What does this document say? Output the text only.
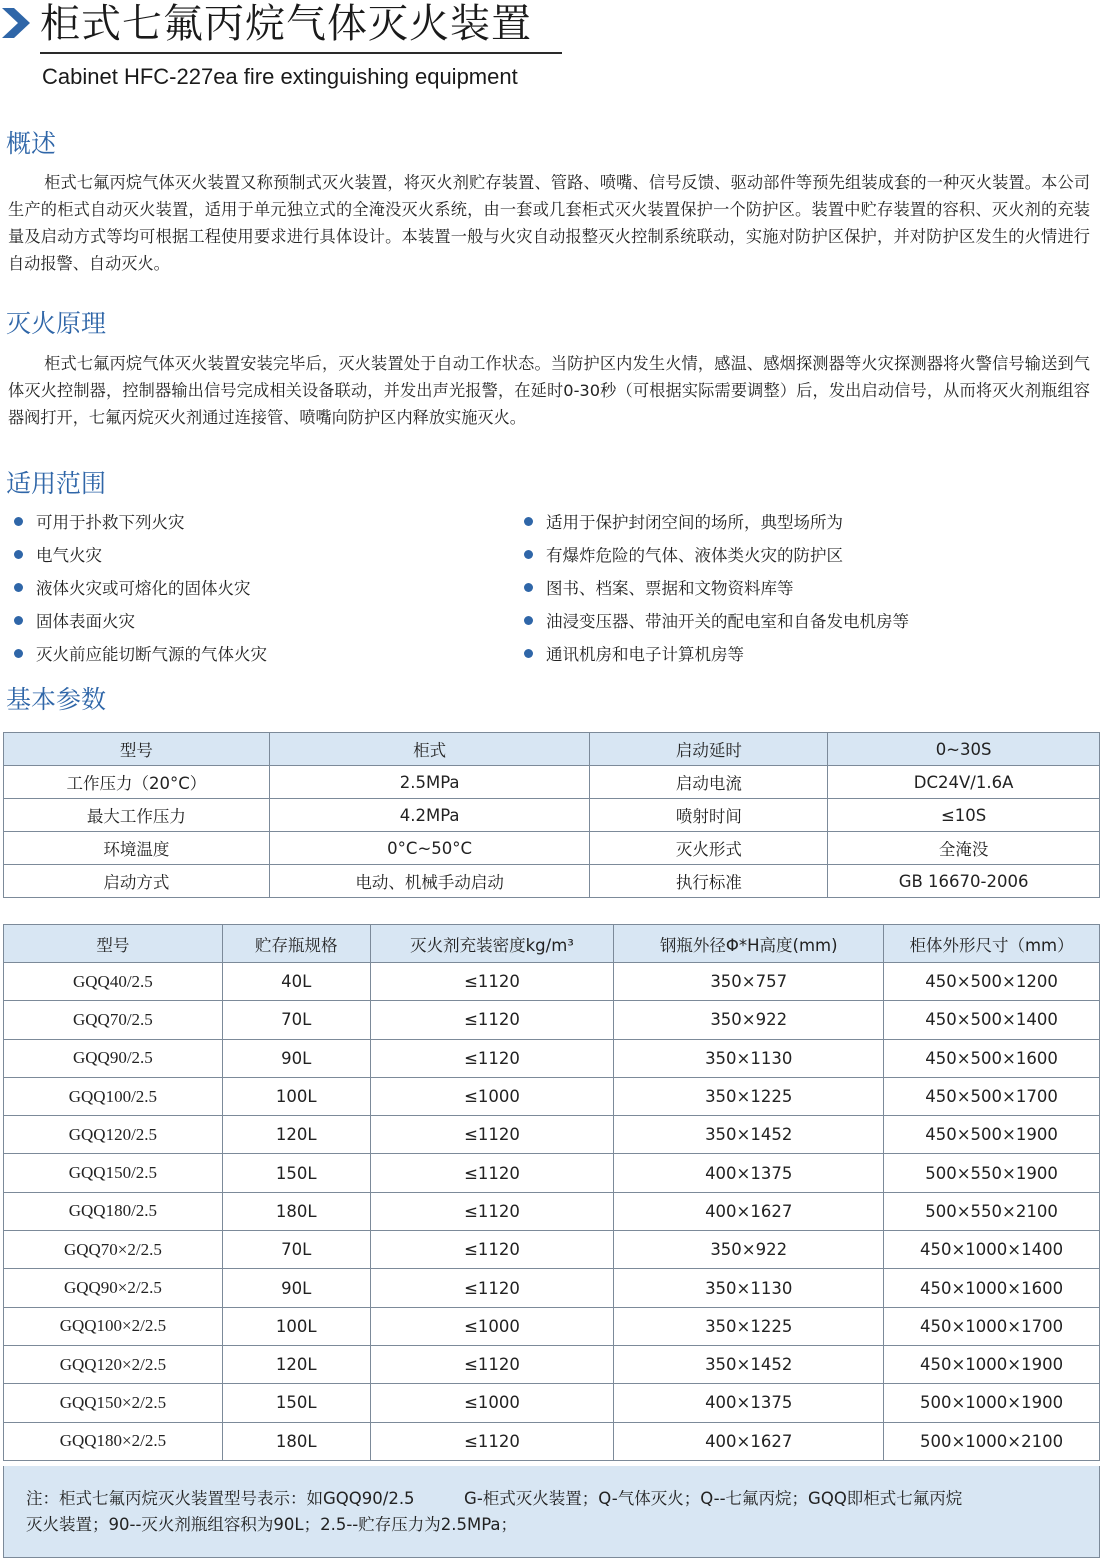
柜式七氟丙烷气体灭火装置
Cabinet HFC-227ea fire extinguishing equipment
概述
柜式七氟丙烷气体灭火装置又称预制式灭火装置，将灭火剂贮存装置、管路、喷嘴、信号反馈、驱动部件等预先组装成套的一种灭火装置。本公司生产的柜式自动灭火装置，适用于单元独立式的全淹没灭火系统，由一套或几套柜式灭火装置保护一个防护区。装置中贮存装置的容积、灭火剂的充装量及启动方式等均可根据工程使用要求进行具体设计。本装置一般与火灾自动报整灭火控制系统联动，实施对防护区保护，并对防护区发生的火情进行自动报警、自动灭火。
灭火原理
柜式七氟丙烷气体灭火装置安装完毕后，灭火装置处于自动工作状态。当防护区内发生火情，感温、感烟探测器等火灾探测器将火警信号输送到气体灭火控制器，控制器输出信号完成相关设备联动，并发出声光报警，在延时0-30秒（可根据实际需要调整）后，发出启动信号，从而将灭火剂瓶组容器阀打开，七氟丙烷灭火剂通过连接管、喷嘴向防护区内释放实施灭火。
适用范围
可用于扑救下列火灾
电气火灾
液体火灾或可熔化的固体火灾
固体表面火灾
灭火前应能切断气源的气体火灾
适用于保护封闭空间的场所，典型场所为
有爆炸危险的气体、液体类火灾的防护区
图书、档案、票据和文物资料库等
油浸变压器、带油开关的配电室和自备发电机房等
通讯机房和电子计算机房等
基本参数
型号	柜式	启动延时	0~30S
工作压力（20°C）	2.5MPa	启动电流	DC24V/1.6A
最大工作压力	4.2MPa	喷射时间	≤10S
环境温度	0°C~50°C	灭火形式	全淹没
启动方式	电动、机械手动启动	执行标准	GB 16670-2006
型号	贮存瓶规格	灭火剂充装密度kg/m³	钢瓶外径Φ*H高度(mm)	柜体外形尺寸（mm）
GQQ40/2.5	40L	≤1120	350×757	450×500×1200
GQQ70/2.5	70L	≤1120	350×922	450×500×1400
GQQ90/2.5	90L	≤1120	350×1130	450×500×1600
GQQ100/2.5	100L	≤1000	350×1225	450×500×1700
GQQ120/2.5	120L	≤1120	350×1452	450×500×1900
GQQ150/2.5	150L	≤1120	400×1375	500×550×1900
GQQ180/2.5	180L	≤1120	400×1627	500×550×2100
GQQ70×2/2.5	70L	≤1120	350×922	450×1000×1400
GQQ90×2/2.5	90L	≤1120	350×1130	450×1000×1600
GQQ100×2/2.5	100L	≤1000	350×1225	450×1000×1700
GQQ120×2/2.5	120L	≤1120	350×1452	450×1000×1900
GQQ150×2/2.5	150L	≤1000	400×1375	500×1000×1900
GQQ180×2/2.5	180L	≤1120	400×1627	500×1000×2100
注：柜式七氟丙烷灭火装置型号表示：如GQQ90/2.5　　　G-柜式灭火装置；Q-气体灭火；Q--七氟丙烷；GQQ即柜式七氟丙烷
灭火装置；90--灭火剂瓶组容积为90L；2.5--贮存压力为2.5MPa；
